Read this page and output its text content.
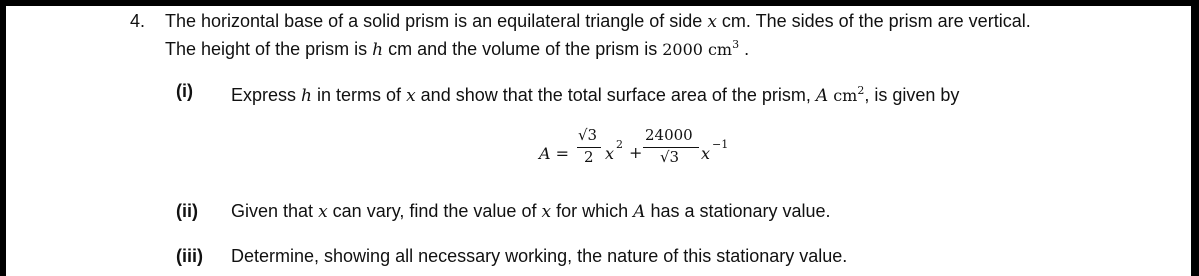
4. The horizontal base of a solid prism is an equilateral triangle of side x cm. The sides of the prism are vertical.
The height of the prism is h cm and the volume of the prism is 2000 $cm^3$ .
(i) Express h in terms of x and show that the total surface area of the prism, A $cm^2$, is given by
A =
√3
2 x 2 +
24000
√3 x −1
(ii) Given that x can vary, find the value of x for which A has a stationary value.
(iii) Determine, showing all necessary working, the nature of this stationary value.
